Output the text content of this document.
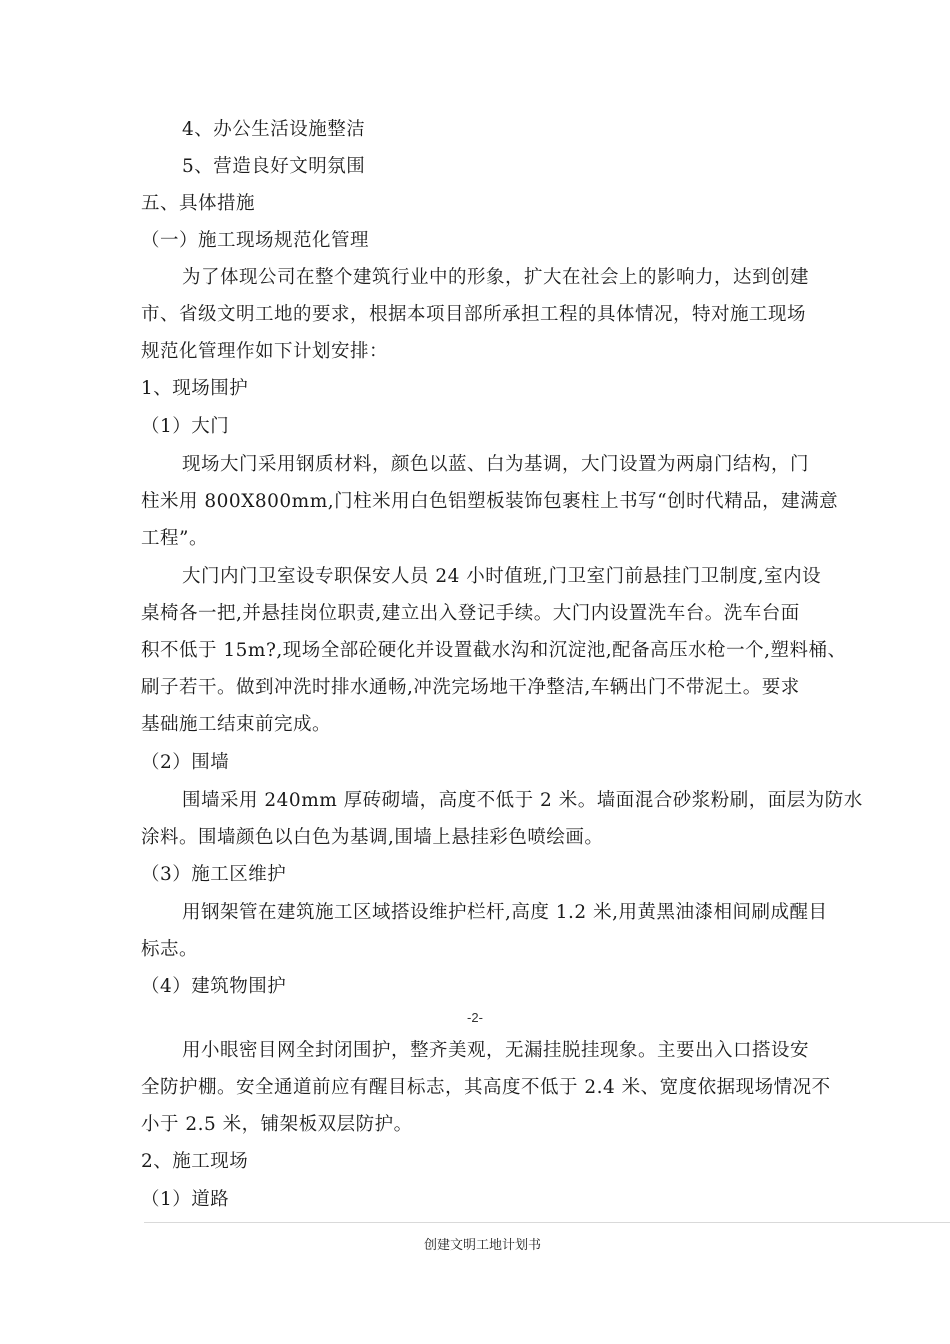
4、办公生活设施整洁
5、营造良好文明氛围
五、具体措施
（一）施工现场规范化管理
为了体现公司在整个建筑行业中的形象，扩大在社会上的影响力，达到创建
市、省级文明工地的要求，根据本项目部所承担工程的具体情况，特对施工现场
规范化管理作如下计划安排：
1、现场围护
（1）大门
现场大门采用钢质材料，颜色以蓝、白为基调，大门设置为两扇门结构，门
柱米用 800X800mm,门柱米用白色铝塑板装饰包裹柱上书写“创时代精品，建满意
工程”。
大门内门卫室设专职保安人员 24 小时值班,门卫室门前悬挂门卫制度,室内设
桌椅各一把,并悬挂岗位职责,建立出入登记手续。大门内设置洗车台。洗车台面
积不低于 15m?,现场全部砼硬化并设置截水沟和沉淀池,配备高压水枪一个,塑料桶、
刷子若干。做到冲洗时排水通畅,冲洗完场地干净整洁,车辆出门不带泥土。要求
基础施工结束前完成。
（2）围墙
围墙采用 240mm 厚砖砌墙，高度不低于 2 米。墙面混合砂浆粉刷，面层为防水
涂料。围墙颜色以白色为基调,围墙上悬挂彩色喷绘画。
（3）施工区维护
用钢架管在建筑施工区域搭设维护栏杆,高度 1.2 米,用黄黑油漆相间刷成醒目
标志。
（4）建筑物围护
-2-
用小眼密目网全封闭围护，整齐美观，无漏挂脱挂现象。主要出入口搭设安
全防护棚。安全通道前应有醒目标志，其高度不低于 2.4 米、宽度依据现场情况不
小于 2.5 米，铺架板双层防护。
2、施工现场
（1）道路
创建文明工地计划书
